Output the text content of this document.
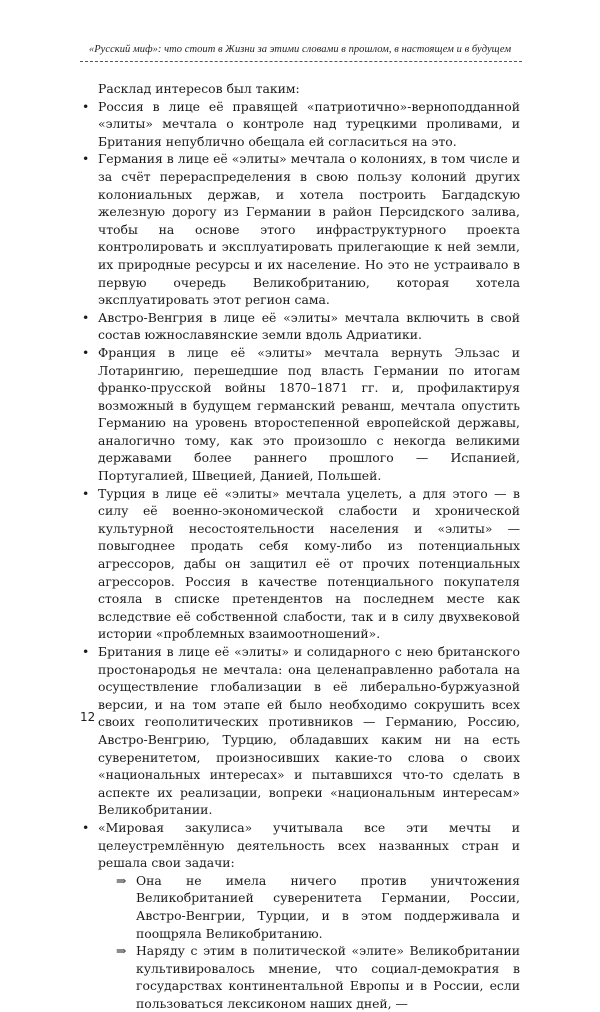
«Русский миф»: что стоит в Жизни за этими словами в прошлом, в настоящем и в будущем

Расклад интересов был таким:

• Россия в лице её правящей «патриотично»-верноподданной «элиты» мечтала о контроле над турецкими проливами, и Британия непублично обещала ей согласиться на это.
• Германия в лице её «элиты» мечтала о колониях, в том числе и за счёт перераспределения в свою пользу колоний других колониальных держав, и хотела построить Багдадскую железную дорогу из Германии в район Персидского залива, чтобы на основе этого инфраструктурного проекта контролировать и эксплуатировать прилегающие к ней земли, их природные ресурсы и их население. Но это не устраивало в первую очередь Великобританию, которая хотела эксплуатировать этот регион сама.
• Австро-Венгрия в лице её «элиты» мечтала включить в свой состав южнославянские земли вдоль Адриатики.
• Франция в лице её «элиты» мечтала вернуть Эльзас и Лотарингию, перешедшие под власть Германии по итогам франко-прусской войны 1870–1871 гг. и, профилактируя возможный в будущем германский реванш, мечтала опустить Германию на уровень второстепенной европейской державы, аналогично тому, как это произошло с некогда великими державами более раннего прошлого — Испанией, Португалией, Швецией, Данией, Польшей.
• Турция в лице её «элиты» мечтала уцелеть, а для этого — в силу её военно-экономической слабости и хронической культурной несостоятельности населения и «элиты» — повыгоднее продать себя кому-либо из потенциальных агрессоров, дабы он защитил её от прочих потенциальных агрессоров. Россия в качестве потенциального покупателя стояла в списке претендентов на последнем месте как вследствие её собственной слабости, так и в силу двухвековой истории «проблемных взаимоотношений».
• Британия в лице её «элиты» и солидарного с нею британского простонародья не мечтала: она целенаправленно работала на осуществление глобализации в её либерально-буржуазной версии, и на том этапе ей было необходимо сокрушить всех своих геополитических противников — Германию, Россию, Австро-Венгрию, Турцию, обладавших каким ни на есть суверенитетом, произносивших какие-то слова о своих «национальных интересах» и пытавшихся что-то сделать в аспекте их реализации, вопреки «национальным интересам» Великобритании.
• «Мировая закулиса» учитывала все эти мечты и целеустремлённую деятельность всех названных стран и решала свои задачи:
⇒ Она не имела ничего против уничтожения Великобританией суверенитета Германии, России, Австро-Венгрии, Турции, и в этом поддерживала и поощряла Великобританию.
⇒ Наряду с этим в политической «элите» Великобритании культивировалось мнение, что социал-демократия в государствах континентальной Европы и в России, если пользоваться лексиконом наших дней, —
12
